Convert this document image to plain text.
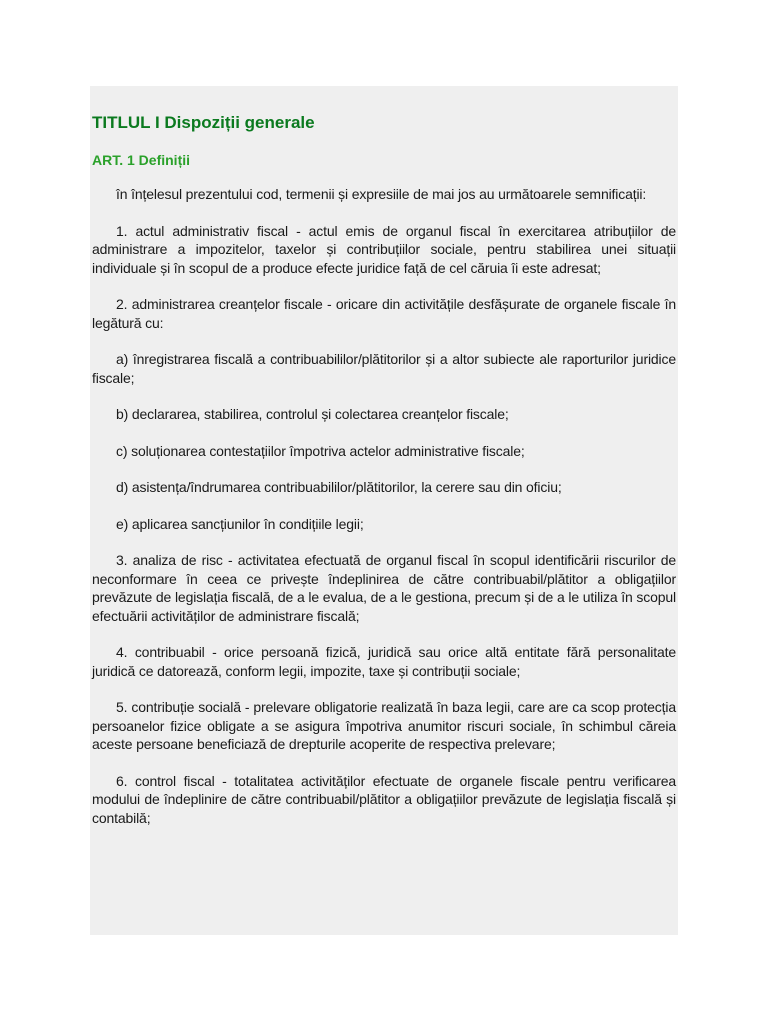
TITLUL I Dispoziții generale
ART. 1 Definiții

în înțelesul prezentului cod, termenii și expresiile de mai jos au următoarele semnificații:

1. actul administrativ fiscal - actul emis de organul fiscal în exercitarea atribuțiilor de administrare a impozitelor, taxelor și contribuțiilor sociale, pentru stabilirea unei situații individuale și în scopul de a produce efecte juridice față de cel căruia îi este adresat;

2. administrarea creanțelor fiscale - oricare din activitățile desfășurate de organele fiscale în legătură cu:

a) înregistrarea fiscală a contribuabililor/plătitorilor și a altor subiecte ale raporturilor juridice fiscale;

b) declararea, stabilirea, controlul și colectarea creanțelor fiscale;

c) soluționarea contestațiilor împotriva actelor administrative fiscale;

d) asistența/îndrumarea contribuabililor/plătitorilor, la cerere sau din oficiu;

e) aplicarea sancțiunilor în condițiile legii;

3. analiza de risc - activitatea efectuată de organul fiscal în scopul identificării riscurilor de neconformare în ceea ce privește îndeplinirea de către contribuabil/plătitor a obligațiilor prevăzute de legislația fiscală, de a le evalua, de a le gestiona, precum și de a le utiliza în scopul efectuării activităților de administrare fiscală;

4. contribuabil - orice persoană fizică, juridică sau orice altă entitate fără personalitate juridică ce datorează, conform legii, impozite, taxe și contribuții sociale;

5. contribuție socială - prelevare obligatorie realizată în baza legii, care are ca scop protecția persoanelor fizice obligate a se asigura împotriva anumitor riscuri sociale, în schimbul căreia aceste persoane beneficiază de drepturile acoperite de respectiva prelevare;

6. control fiscal - totalitatea activităților efectuate de organele fiscale pentru verificarea modului de îndeplinire de către contribuabil/plătitor a obligațiilor prevăzute de legislația fiscală și contabilă;
